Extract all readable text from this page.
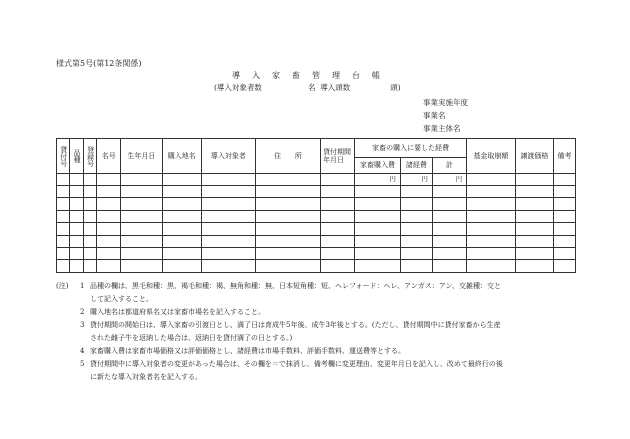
様式第5号(第12条関係)
導 入 家 畜 管 理 台 帳
(導入対象者数	名 導入頭数	頭)
事業実施年度
事業名
事業主体名
貸付号	品種	登録号	名号	生年月日	購入地名	導入対象者	住　　所	貸付期間年月日	家畜の購入に要した経費			基金取崩額	譲渡価格	備考
									家畜購入費	諸経費	計			
									円	円	円			

(注) 1 品種の欄は、黒毛和種：黒、褐毛和種：褐、無角和種：無、日本短角種：短、ヘレフォード：ヘレ、アンガス：アン、交雑種：交と
して記入すること。
2 購入地名は都道府県名又は家畜市場名を記入すること。
3 貸付期間の開始日は、導入家畜の引渡日とし、満了日は育成牛5年後、成牛3年後とする。(ただし、貸付期間中に貸付家畜から生産
された雌子牛を返納した場合は、返納日を貸付満了の日とする。)
4 家畜購入費は家畜市場価格又は評価価格とし、諸経費は市場手数料、評価手数料、運送費等とする。
5 貸付期間中に導入対象者の変更があった場合は、その欄を＝で抹消し、備考欄に変更理由、変更年月日を記入し、改めて最終行の後
に新たな導入対象者名を記入する。
